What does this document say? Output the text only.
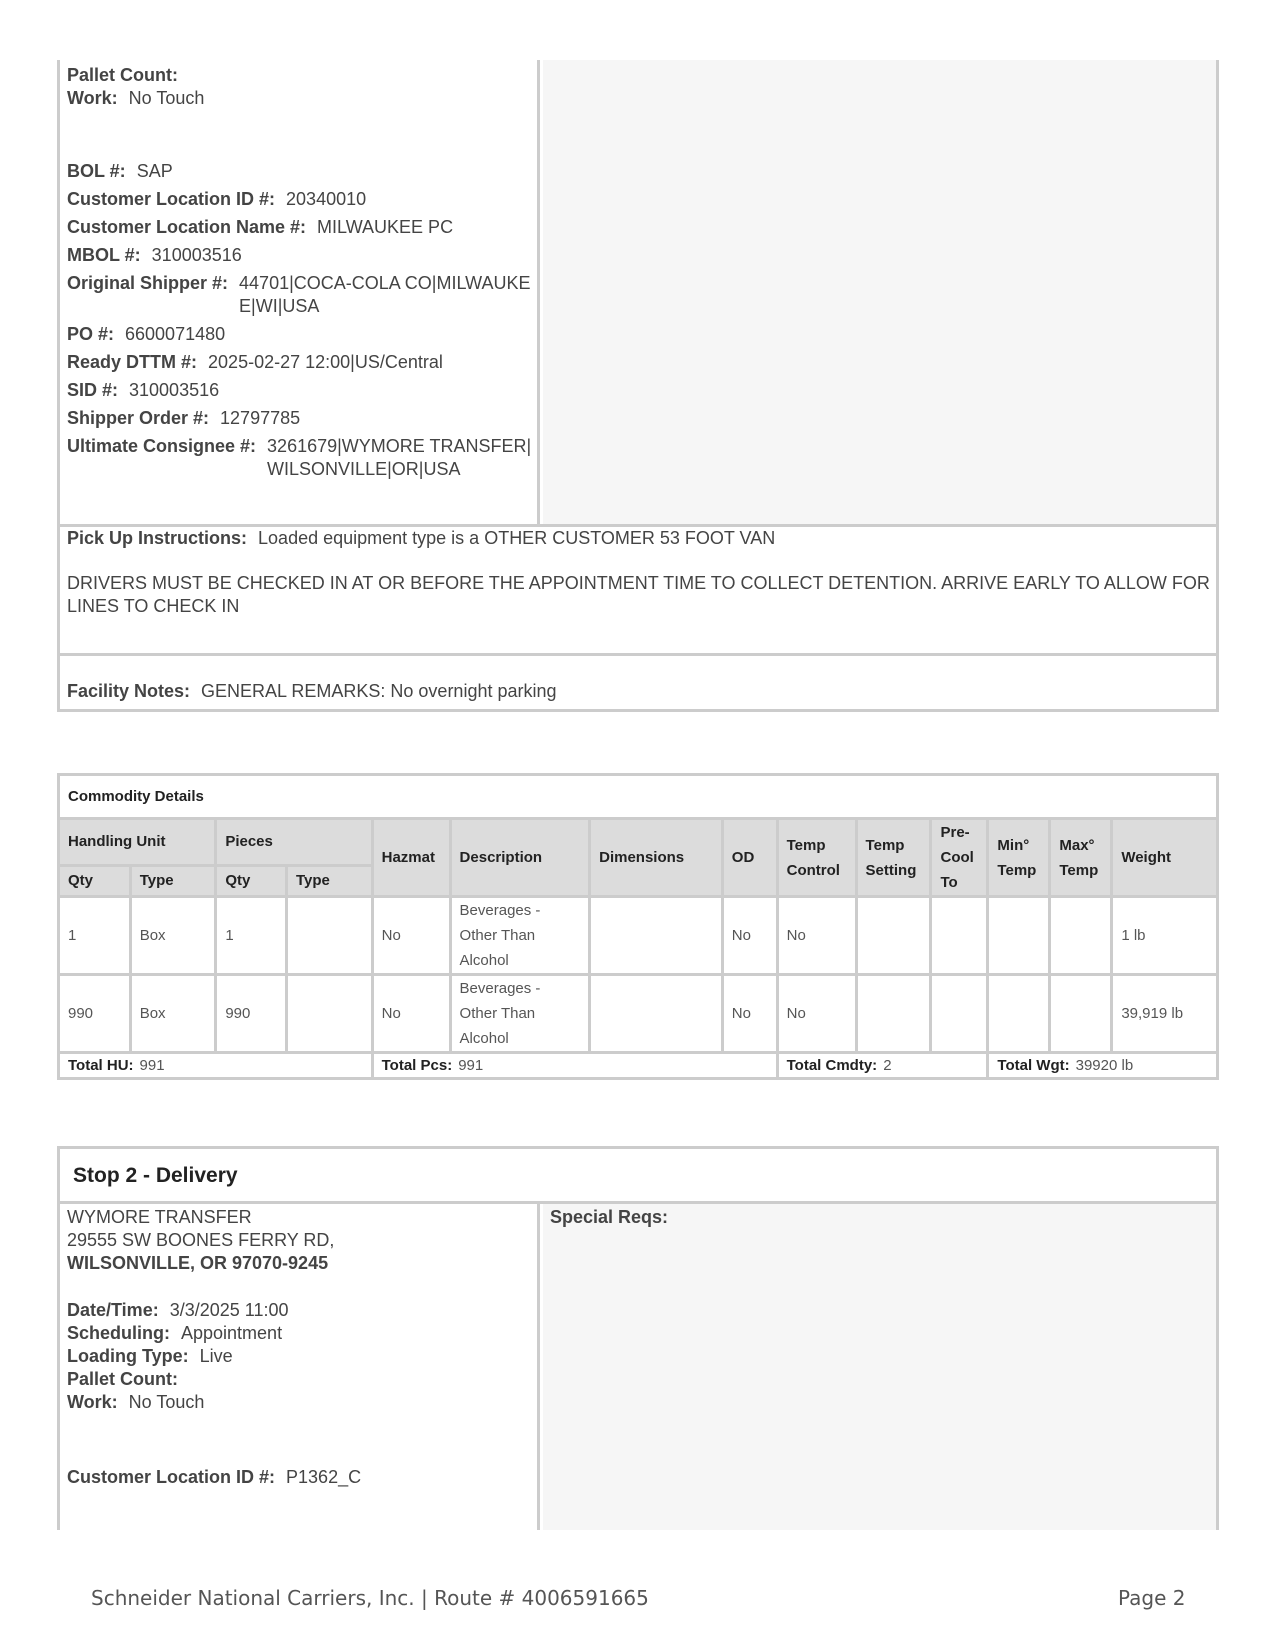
Pallet Count:
Work: No Touch
BOL #: SAP
Customer Location ID #: 20340010
Customer Location Name #: MILWAUKEE PC
MBOL #: 310003516
Original Shipper #: 44701|COCA-COLA CO|MILWAUKEE|WI|USA
PO #: 6600071480
Ready DTTM #: 2025-02-27 12:00|US/Central
SID #: 310003516
Shipper Order #: 12797785
Ultimate Consignee #: 3261679|WYMORE TRANSFER|WILSONVILLE|OR|USA
Pick Up Instructions: Loaded equipment type is a OTHER CUSTOMER 53 FOOT VAN
DRIVERS MUST BE CHECKED IN AT OR BEFORE THE APPOINTMENT TIME TO COLLECT DETENTION. ARRIVE EARLY TO ALLOW FOR LINES TO CHECK IN
Facility Notes: GENERAL REMARKS: No overnight parking
Commodity Details													
Handling Unit		Pieces		Hazmat	Description	Dimensions	OD	Temp Control	Temp Setting	Pre-Cool To	Min° Temp	Max° Temp	Weight
Qty	Type	Qty	Type										
1	Box	1		No	Beverages - Other Than Alcohol		No	No					1 lb
990	Box	990		No	Beverages - Other Than Alcohol		No	No					39,919 lb
Total HU: 991				Total Pcs: 991				Total Cmdty: 2			Total Wgt: 39920 lb		
Stop 2 - Delivery
Special Reqs:
WYMORE TRANSFER
29555 SW BOONES FERRY RD,
WILSONVILLE, OR 97070-9245
Date/Time: 3/3/2025 11:00
Scheduling: Appointment
Loading Type: Live
Pallet Count:
Work: No Touch
Customer Location ID #: P1362_C
Schneider National Carriers, Inc. | Route # 4006591665	Page 2
